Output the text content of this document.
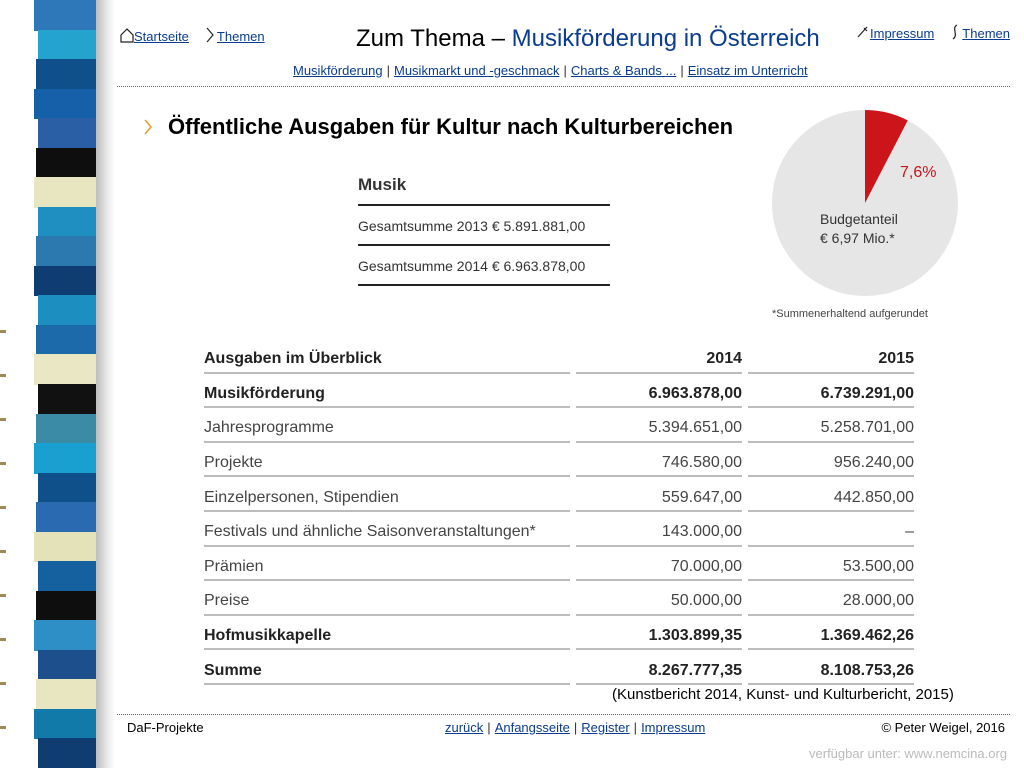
Startseite	Themen	Zum Thema – Musikförderung in Österreich	Impressum	Themen
Musikförderung | Musikmarkt und -geschmack | Charts & Bands ... | Einsatz im Unterricht
Öffentliche Ausgaben für Kultur nach Kulturbereichen
Musik
Gesamtsumme 2013 € 5.891.881,00
Gesamtsumme 2014 € 6.963.878,00
7,6%
Budgetanteil
€ 6,97 Mio.*
*Summenerhaltend aufgerundet
Ausgaben im Überblick	2014	2015
Musikförderung	6.963.878,00	6.739.291,00
Jahresprogramme	5.394.651,00	5.258.701,00
Projekte	746.580,00	956.240,00
Einzelpersonen, Stipendien	559.647,00	442.850,00
Festivals und ähnliche Saisonveranstaltungen*	143.000,00	–
Prämien	70.000,00	53.500,00
Preise	50.000,00	28.000,00
Hofmusikkapelle	1.303.899,35	1.369.462,26
Summe	8.267.777,35	8.108.753,26
(Kunstbericht 2014, Kunst- und Kulturbericht, 2015)
DaF-Projekte	zurück | Anfangsseite | Register | Impressum	© Peter Weigel, 2016
verfügbar unter: www.nemcina.org
